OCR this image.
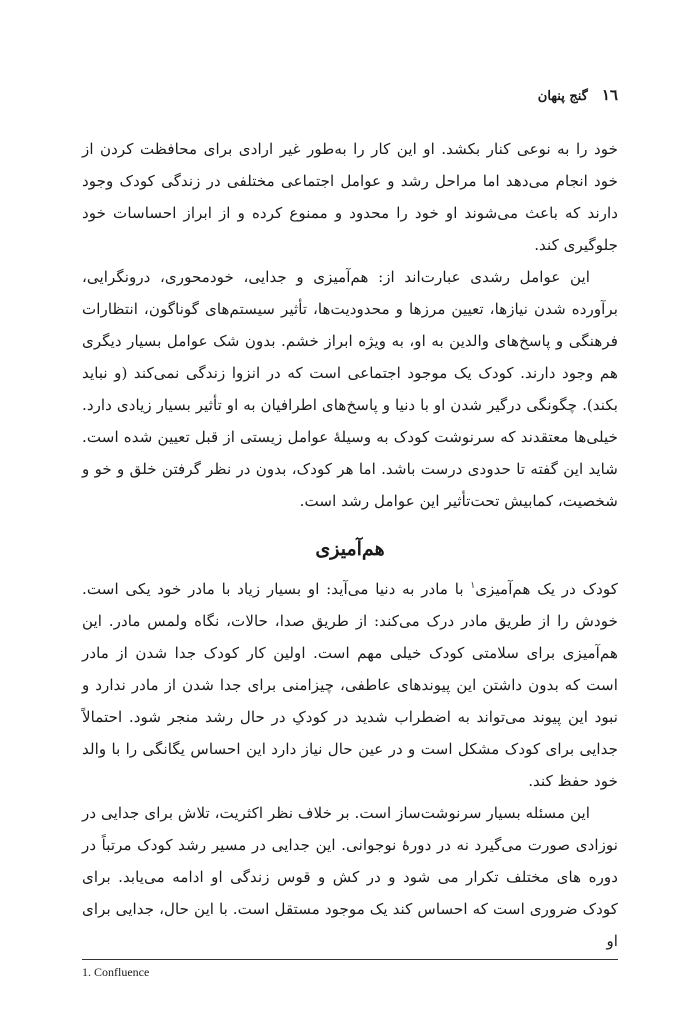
١٦
گنج پنهان

خود را به نوعی کنار بکشد. او این کار را به‌طور غیر ارادی برای محافظت کردن از خود انجام می‌دهد اما مراحل رشد و عوامل اجتماعی مختلفی در زندگی کودک وجود دارند که باعث می‌شوند او خود را محدود و ممنوع کرده و از ابراز احساسات خود جلوگیری کند.

این عوامل رشدی عبارت‌اند از: هم‌آمیزی و جدایی، خودمحوری، درونگرایی، برآورده شدن نیازها، تعیین مرزها و محدودیت‌ها، تأثیر سیستم‌های گوناگون، انتظارات فرهنگی و پاسخ‌های والدین به او، به ویژه ابراز خشم. بدون شک عوامل بسیار دیگری هم وجود دارند. کودک یک موجود اجتماعی است که در انزوا زندگی نمی‌کند (و نباید بکند). چگونگی درگیر شدن او با دنیا و پاسخ‌های اطرافیان به او تأثیر بسیار زیادی دارد. خیلی‌ها معتقدند که سرنوشت کودک به وسیلهٔ عوامل زیستی از قبل تعیین شده است. شاید این گفته تا حدودی درست باشد. اما هر کودک، بدون در نظر گرفتن خلق و خو و شخصیت، کمابیش تحت‌تأثیر این عوامل رشد است.

هم‌آمیزی

کودک در یک هم‌آمیزی$^١$ با مادر به دنیا می‌آید: او بسیار زیاد با مادر خود یکی است. خودش را از طریق مادر درک می‌کند: از طریق صدا، حالات، نگاه ولمس مادر. این هم‌آمیزی برای سلامتی کودک خیلی مهم است. اولین کار کودک جدا شدن از مادر است که بدون داشتن این پیوندهای عاطفی، چیزامنی برای جدا شدن از مادر ندارد و نبود این پیوند می‌تواند به اضطراب شدید در کودکِ در حال رشد منجر شود. احتمالاً جدایی برای کودک مشکل است و در عین حال نیاز دارد این احساس یگانگی را با والد خود حفظ کند.

این مسئله بسیار سرنوشت‌ساز است. بر خلاف نظر اکثریت، تلاش برای جدایی در نوزادی صورت می‌گیرد نه در دورهٔ نوجوانی. این جدایی در مسیر رشد کودک مرتباً در دوره های مختلف تکرار می شود و در کش و قوس زندگی او ادامه می‌یابد. برای کودک ضروری است که احساس کند یک موجود مستقل است. با این حال، جدایی برای او

1. Confluence
